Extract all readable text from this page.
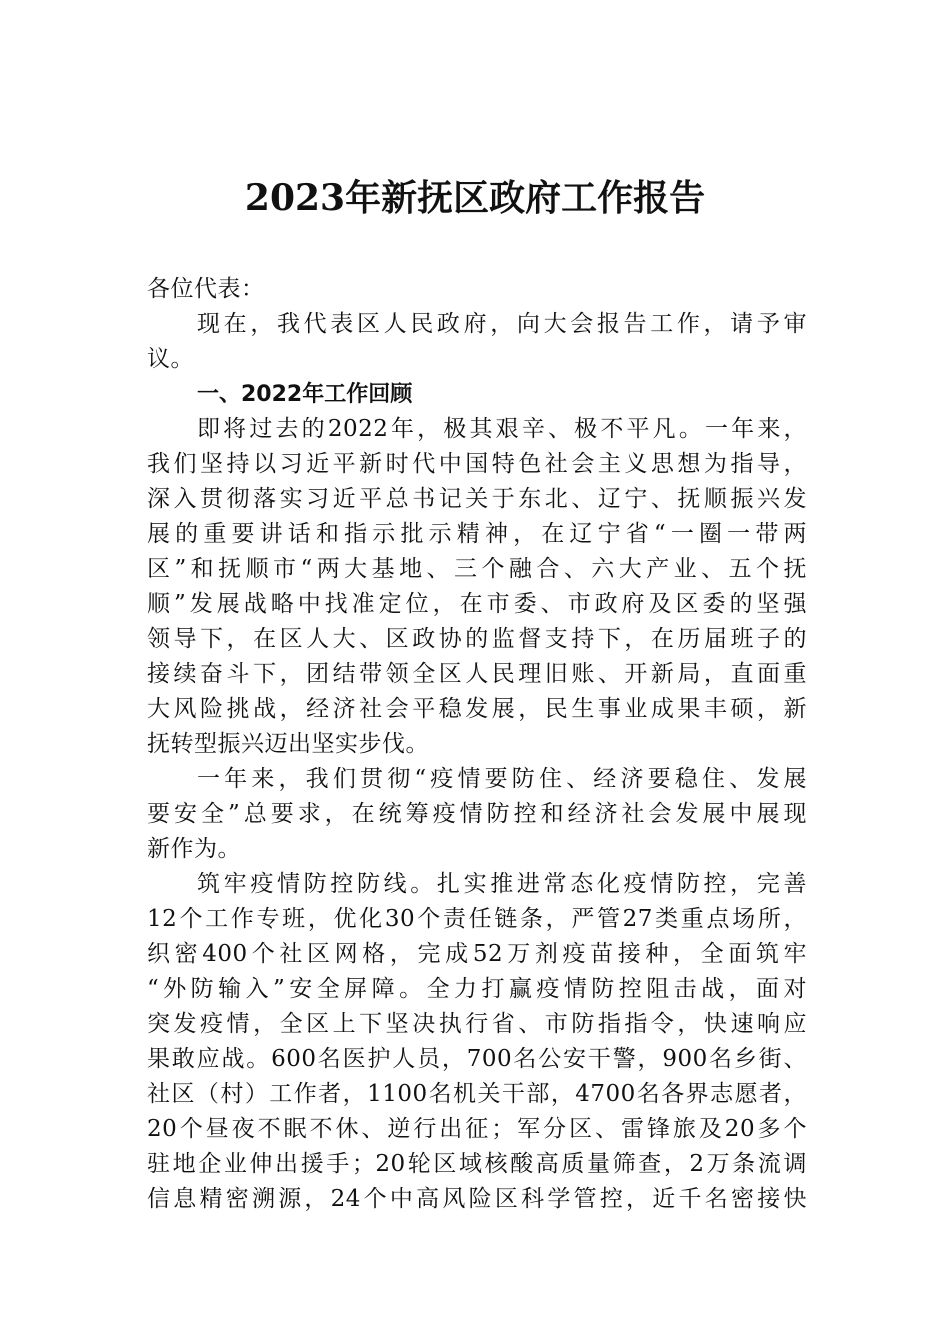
2023年新抚区政府工作报告
各位代表：
现在，我代表区人民政府，向大会报告工作，请予审
议。
一、2022年工作回顾
即将过去的2022年，极其艰辛、极不平凡。一年来，
我们坚持以习近平新时代中国特色社会主义思想为指导，
深入贯彻落实习近平总书记关于东北、辽宁、抚顺振兴发
展的重要讲话和指示批示精神，在辽宁省“一圈一带两
区”和抚顺市“两大基地、三个融合、六大产业、五个抚
顺”发展战略中找准定位，在市委、市政府及区委的坚强
领导下，在区人大、区政协的监督支持下，在历届班子的
接续奋斗下，团结带领全区人民理旧账、开新局，直面重
大风险挑战，经济社会平稳发展，民生事业成果丰硕，新
抚转型振兴迈出坚实步伐。
一年来，我们贯彻“疫情要防住、经济要稳住、发展
要安全”总要求，在统筹疫情防控和经济社会发展中展现
新作为。
筑牢疫情防控防线。扎实推进常态化疫情防控，完善
12个工作专班，优化30个责任链条，严管27类重点场所，
织密400个社区网格，完成52万剂疫苗接种，全面筑牢
“外防输入”安全屏障。全力打赢疫情防控阻击战，面对
突发疫情，全区上下坚决执行省、市防指指令，快速响应
果敢应战。600名医护人员，700名公安干警，900名乡街、
社区（村）工作者，1100名机关干部，4700名各界志愿者，
20个昼夜不眠不休、逆行出征；军分区、雷锋旅及20多个
驻地企业伸出援手；20轮区域核酸高质量筛查，2万条流调
信息精密溯源，24个中高风险区科学管控，近千名密接快
